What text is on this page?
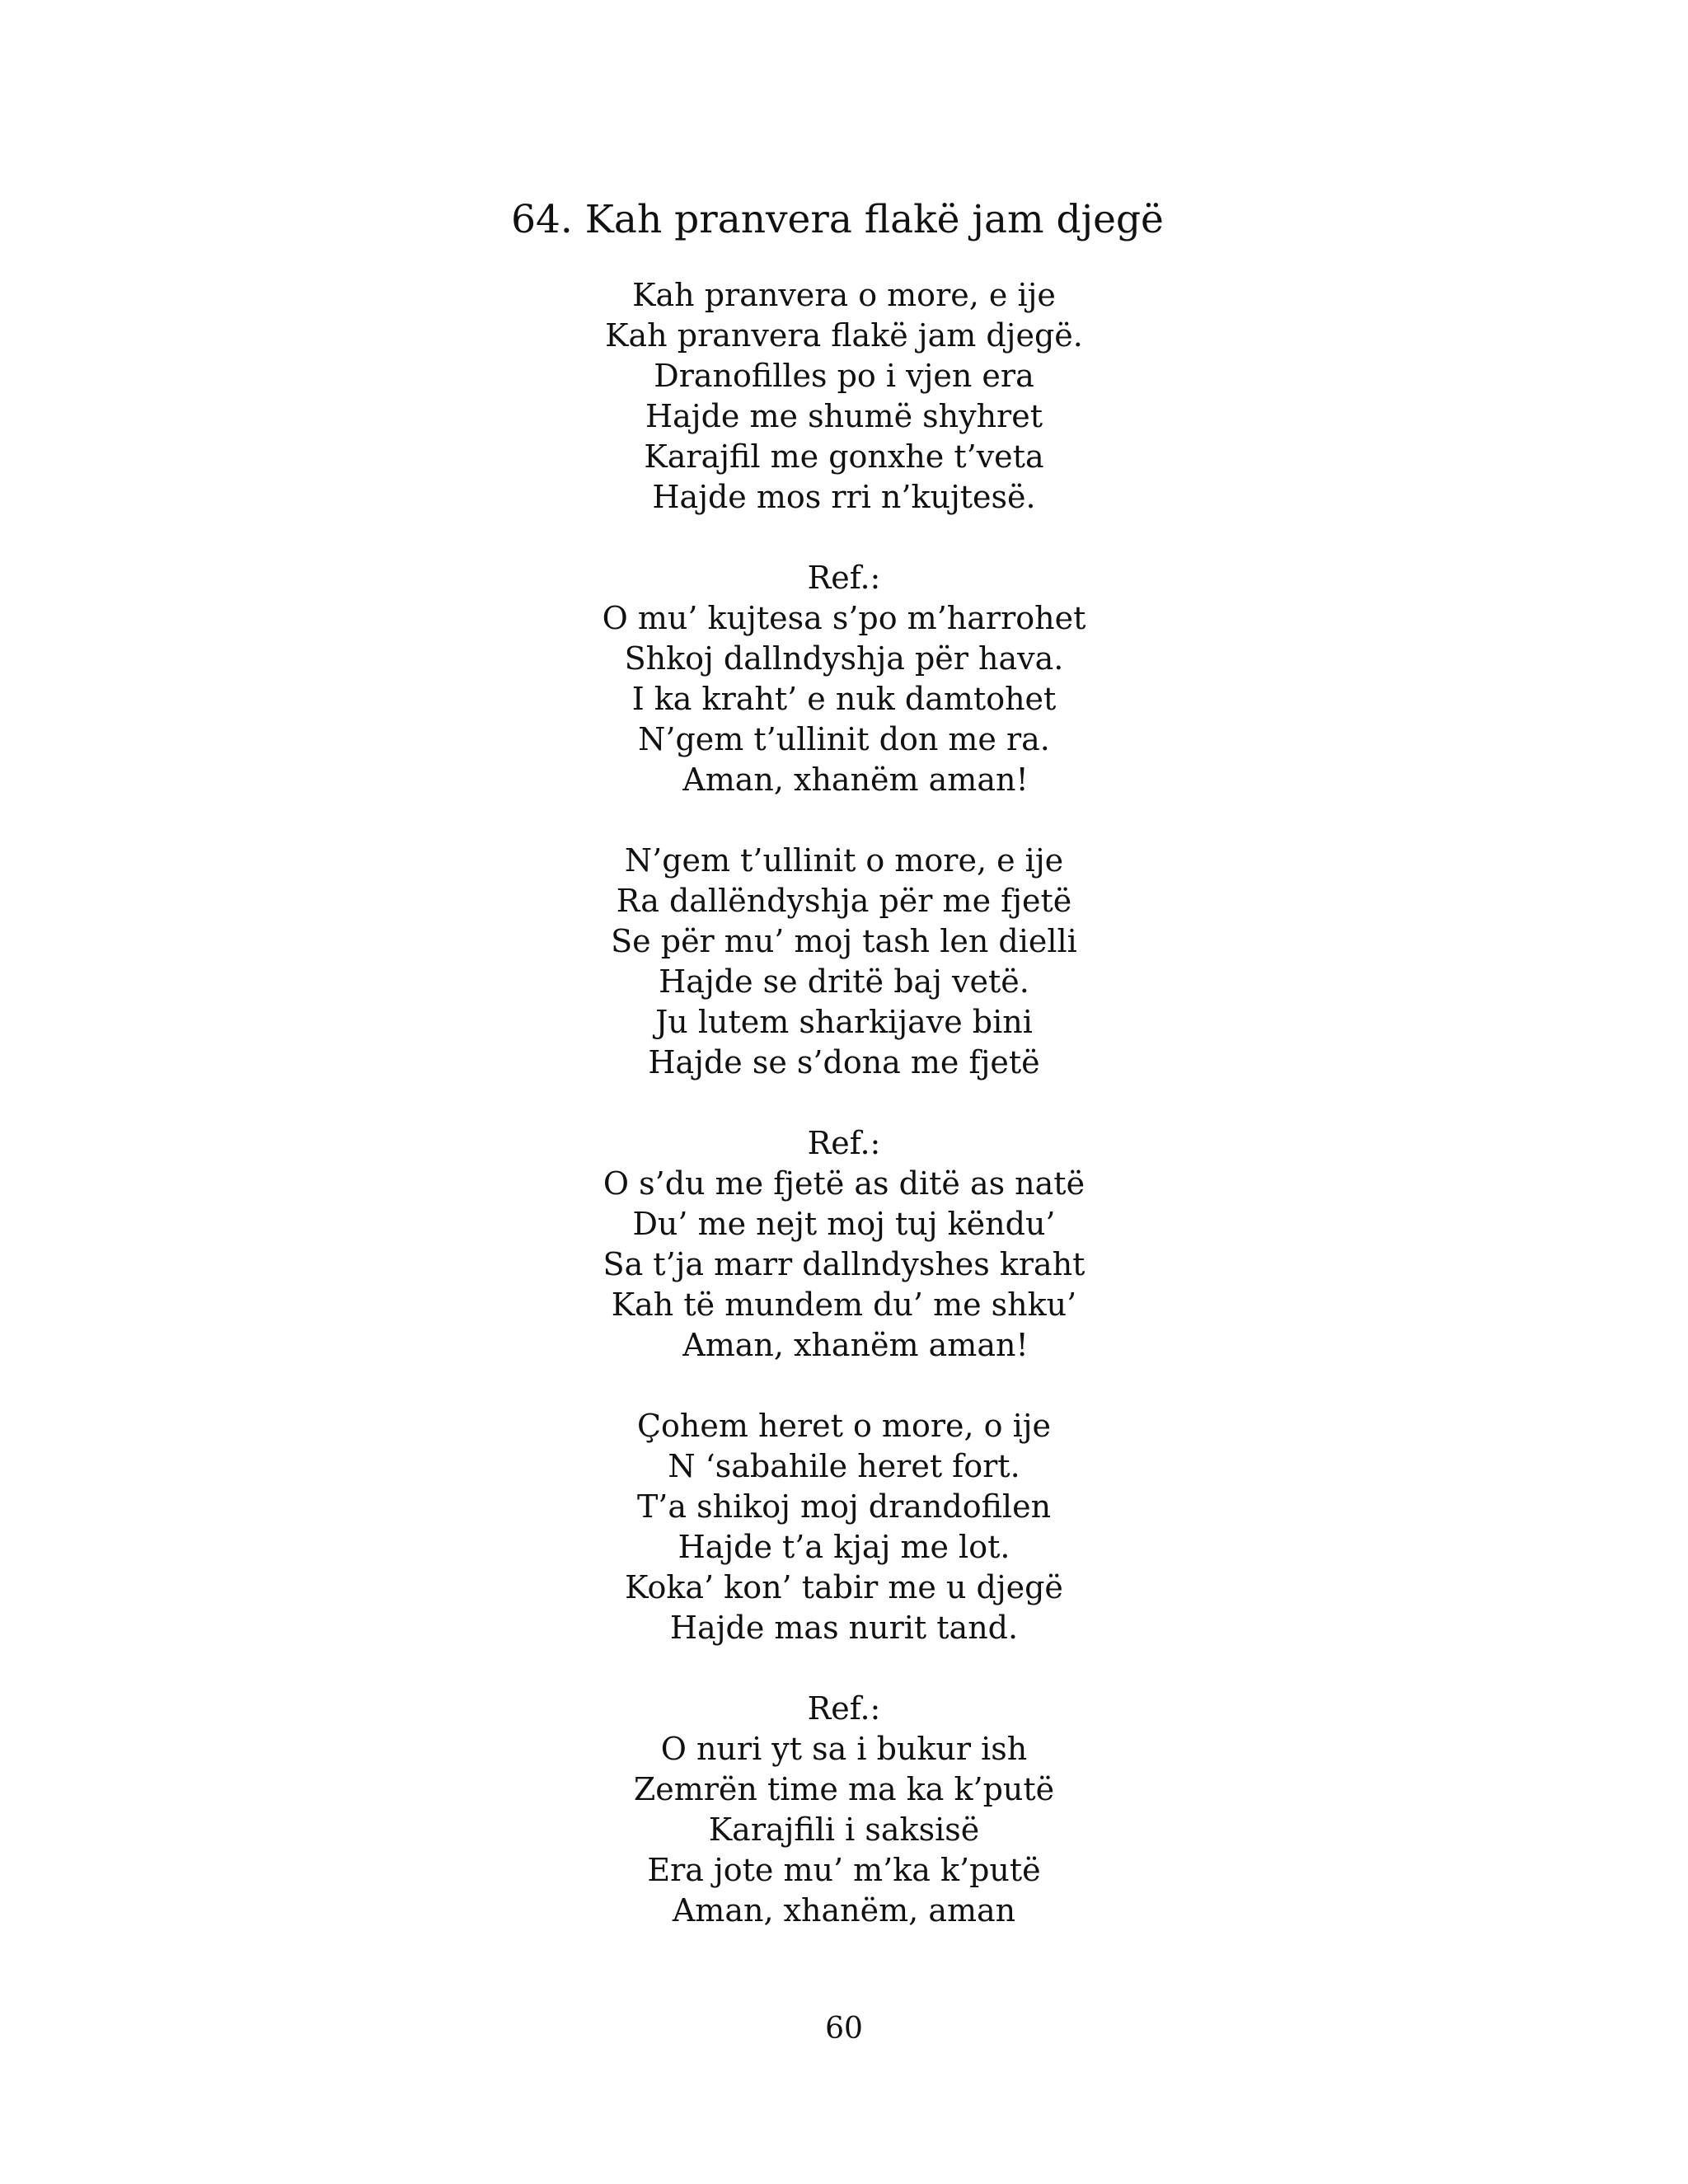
64. Kah pranvera flakë jam djegë
Kah pranvera o more, e ije
Kah pranvera flakë jam djegë.
Dranofilles po i vjen era
Hajde me shumë shyhret
Karajfil me gonxhe t’veta
Hajde mos rri n’kujtesë.
Ref.:
O mu’ kujtesa s’po m’harrohet
Shkoj dallndyshja për hava.
I ka kraht’ e nuk damtohet
N’gem t’ullinit don me ra.
Aman, xhanëm aman!
N’gem t’ullinit o more, e ije
Ra dallëndyshja për me fjetë
Se për mu’ moj tash len dielli
Hajde se dritë baj vetë.
Ju lutem sharkijave bini
Hajde se s’dona me fjetë
Ref.:
O s’du me fjetë as ditë as natë
Du’ me nejt moj tuj këndu’
Sa t’ja marr dallndyshes kraht
Kah të mundem du’ me shku’
Aman, xhanëm aman!
Çohem heret o more, o ije
N ‘sabahile heret fort.
T’a shikoj moj drandofilen
Hajde t’a kjaj me lot.
Koka’ kon’ tabir me u djegë
Hajde mas nurit tand.
Ref.:
O nuri yt sa i bukur ish
Zemrën time ma ka k’putë
Karajfili i saksisë
Era jote mu’ m’ka k’putë
Aman, xhanëm, aman
60
